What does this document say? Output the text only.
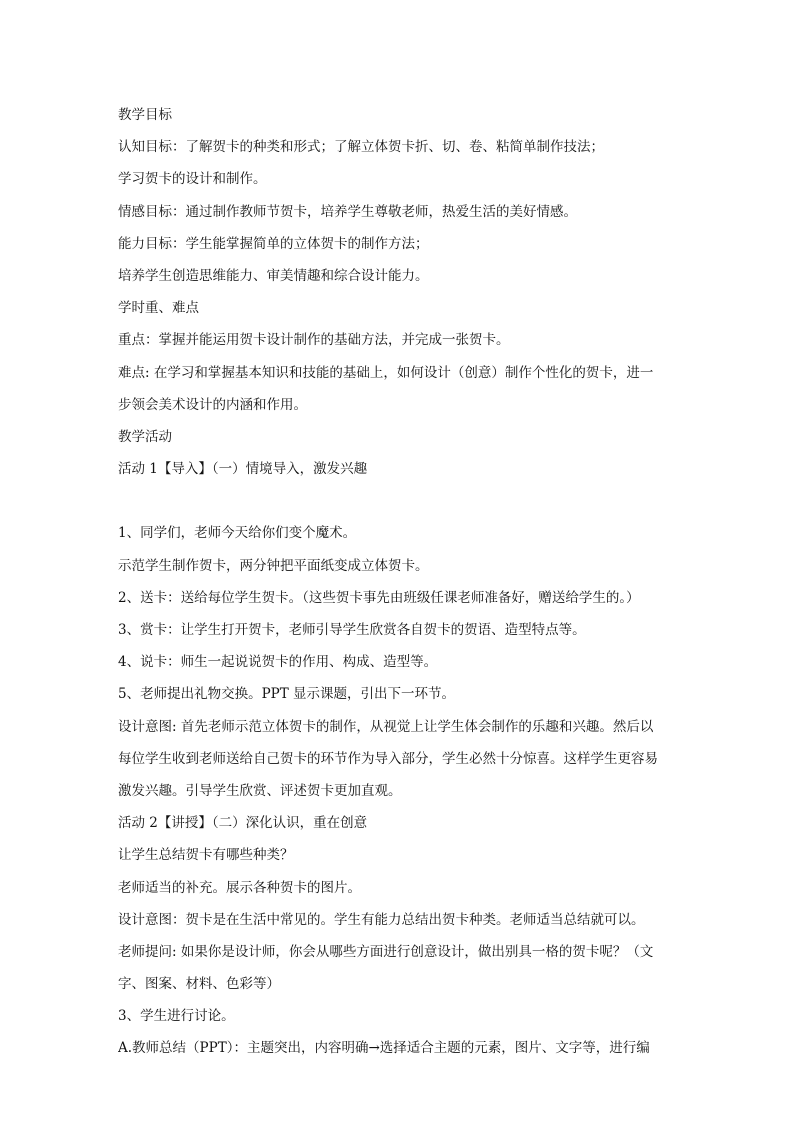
教学目标
认知目标：了解贺卡的种类和形式；了解立体贺卡折、切、卷、粘简单制作技法；
学习贺卡的设计和制作。
情感目标：通过制作教师节贺卡，培养学生尊敬老师，热爱生活的美好情感。
能力目标：学生能掌握简单的立体贺卡的制作方法；
培养学生创造思维能力、审美情趣和综合设计能力。
学时重、难点
重点：掌握并能运用贺卡设计制作的基础方法，并完成一张贺卡。
难点: 在学习和掌握基本知识和技能的基础上，如何设计（创意）制作个性化的贺卡，进一
步领会美术设计的内涵和作用。
教学活动
活动 1【导入】（一）情境导入，激发兴趣
1、同学们，老师今天给你们变个魔术。
示范学生制作贺卡，两分钟把平面纸变成立体贺卡。
2、送卡：送给每位学生贺卡。（这些贺卡事先由班级任课老师准备好，赠送给学生的。）
3、赏卡：让学生打开贺卡，老师引导学生欣赏各自贺卡的贺语、造型特点等。
4、说卡：师生一起说说贺卡的作用、构成、造型等。
5、老师提出礼物交换。PPT 显示课题，引出下一环节。
设计意图: 首先老师示范立体贺卡的制作，从视觉上让学生体会制作的乐趣和兴趣。然后以
每位学生收到老师送给自己贺卡的环节作为导入部分，学生必然十分惊喜。这样学生更容易
激发兴趣。引导学生欣赏、评述贺卡更加直观。
活动 2【讲授】（二）深化认识，重在创意
让学生总结贺卡有哪些种类？
老师适当的补充。展示各种贺卡的图片。
设计意图：贺卡是在生活中常见的。学生有能力总结出贺卡种类。老师适当总结就可以。
老师提问: 如果你是设计师，你会从哪些方面进行创意设计，做出别具一格的贺卡呢？（文
字、图案、材料、色彩等）
3、学生进行讨论。
A.教师总结（PPT）：主题突出，内容明确→选择适合主题的元素，图片、文字等，进行编
